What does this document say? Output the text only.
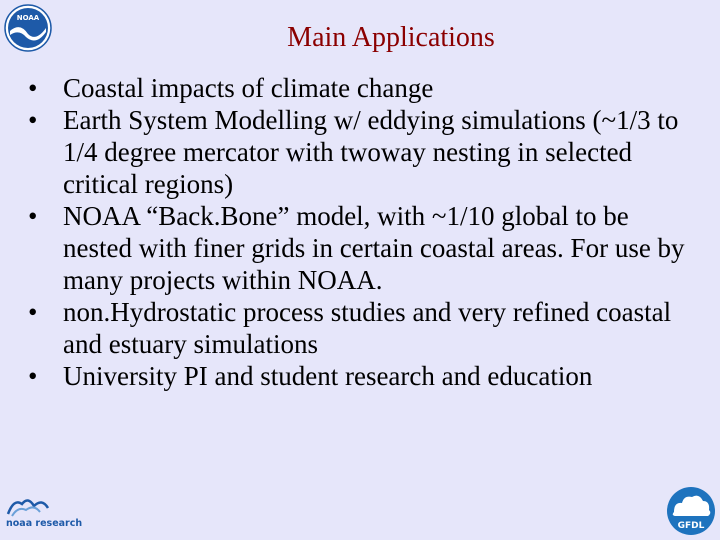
NOAA
Main Applications
• Coastal impacts of climate change
• Earth System Modelling w/ eddying simulations (~1/3 to 1/4 degree mercator with twoway nesting in selected critical regions)
• NOAA “Back.Bone” model, with ~1/10 global to be nested with finer grids in certain coastal areas. For use by many projects within NOAA.
• non.Hydrostatic process studies and very refined coastal and estuary simulations
• University PI and student research and education
noaa research	GFDL
